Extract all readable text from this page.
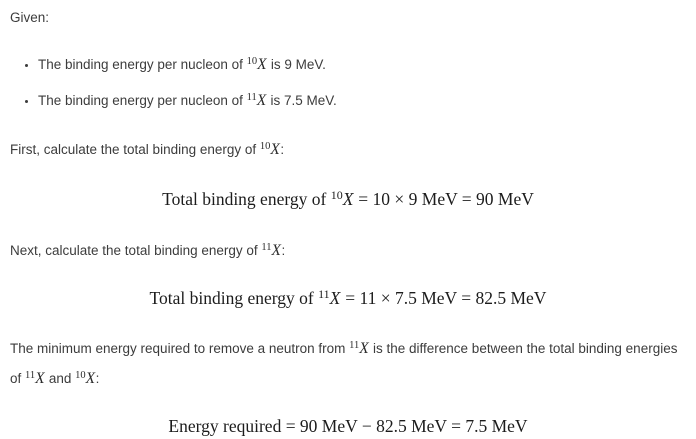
Given:

• The binding energy per nucleon of $^{10}$X is 9 MeV.
• The binding energy per nucleon of $^{11}$X is 7.5 MeV.

First, calculate the total binding energy of $^{10}$X:

Total binding energy of $^{10}$X = 10 × 9 MeV = 90 MeV

Next, calculate the total binding energy of $^{11}$X:

Total binding energy of $^{11}$X = 11 × 7.5 MeV = 82.5 MeV

The minimum energy required to remove a neutron from $^{11}$X is the difference between the total binding energies of $^{11}$X and $^{10}$X:

Energy required = 90 MeV − 82.5 MeV = 7.5 MeV
